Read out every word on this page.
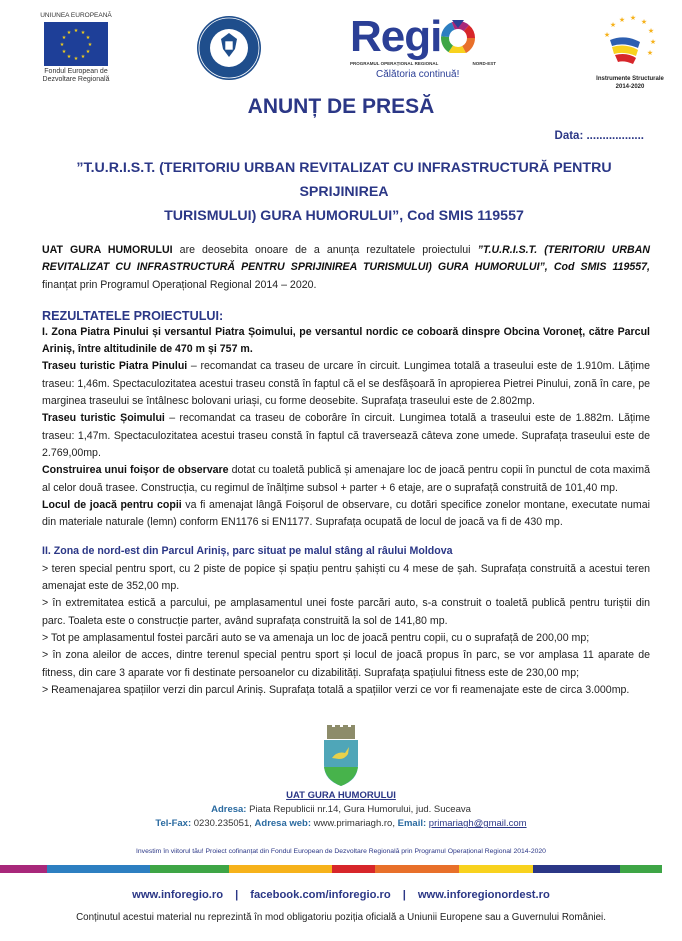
UNIUNEA EUROPEANĂ
★ ★
★
★
★
★
★
★
★
★
★
★
Fondul European de
Dezvoltare Regională
Regi
PROGRAMUL OPERAȚIONAL REGIONAL	NORD-EST
Călătoria continuă!
★ ★
★
★
★
★
★
★
Instrumente Structurale
2014-2020
ANUNȚ DE PRESĂ
Data: ..................
”T.U.R.I.S.T. (TERITORIU URBAN REVITALIZAT CU INFRASTRUCTURĂ PENTRU SPRIJINIREA
TURISMULUI) GURA HUMORULUI”, Cod SMIS 119557

UAT GURA HUMORULUI are deosebita onoare de a anunța rezultatele proiectului ”T.U.R.I.S.T. (TERITORIU URBAN REVITALIZAT CU INFRASTRUCTURĂ PENTRU SPRIJINIREA TURISMULUI) GURA HUMORULUI”, Cod SMIS 119557, finanțat prin Programul Operațional Regional 2014 – 2020.

REZULTATELE PROIECTULUI:

I. Zona Piatra Pinului și versantul Piatra Șoimului, pe versantul nordic ce coboară dinspre Obcina Voroneț, către Parcul Ariniș, între altitudinile de 470 m și 757 m.

Traseu turistic Piatra Pinului – recomandat ca traseu de urcare în circuit. Lungimea totală a traseului este de 1.910m. Lățime traseu: 1,46m. Spectaculozitatea acestui traseu constă în faptul că el se desfășoară în apropierea Pietrei Pinului, zonă în care, pe marginea traseului se întâlnesc bolovani uriași, cu forme deosebite. Suprafața traseului este de 2.802mp.

Traseu turistic Șoimului – recomandat ca traseu de coborâre în circuit. Lungimea totală a traseului este de 1.882m. Lățime traseu: 1,47m. Spectaculozitatea acestui traseu constă în faptul că traversează câteva zone umede. Suprafața traseului este de 2.769,00mp.

Construirea unui foișor de observare dotat cu toaletă publică și amenajare loc de joacă pentru copii în punctul de cota maximă al celor două trasee. Construcția, cu regimul de înălțime subsol + parter + 6 etaje, are o suprafață construită de 101,40 mp.

Locul de joacă pentru copii va fi amenajat lângă Foișorul de observare, cu dotări specifice zonelor montane, executate numai din materiale naturale (lemn) conform EN1176 si EN1177. Suprafața ocupată de locul de joacă va fi de 430 mp.

II. Zona de nord-est din Parcul Ariniș, parc situat pe malul stâng al râului Moldova

> teren special pentru sport, cu 2 piste de popice și spațiu pentru șahiști cu 4 mese de șah. Suprafața construită a acestui teren amenajat este de 352,00 mp.

> în extremitatea estică a parcului, pe amplasamentul unei foste parcări auto, s-a construit o toaletă publică pentru turiștii din parc. Toaleta este o construcție parter, având suprafața construită la sol de 141,80 mp.

> Tot pe amplasamentul fostei parcări auto se va amenaja un loc de joacă pentru copii, cu o suprafață de 200,00 mp;

> în zona aleilor de acces, dintre terenul special pentru sport și locul de joacă propus în parc, se vor amplasa 11 aparate de fitness, din care 3 aparate vor fi destinate persoanelor cu dizabilități. Suprafața spațiului fitness este de 230,00 mp;

> Reamenajarea spațiilor verzi din parcul Ariniș. Suprafața totală a spațiilor verzi ce vor fi reamenajate este de circa 3.000mp.

UAT GURA HUMORULUI
Adresa: Piata Republicii nr.14, Gura Humorului, jud. Suceava
Tel-Fax: 0230.235051, Adresa web: www.primariagh.ro, Email: primariagh@gmail.com
Investim în viitorul tău! Proiect cofinanțat din Fondul European de Dezvoltare Regională prin Programul Operațional Regional 2014-2020
www.inforegio.ro | facebook.com/inforegio.ro | www.inforegionordest.ro
Conținutul acestui material nu reprezintă în mod obligatoriu poziția oficială a Uniunii Europene sau a Guvernului României.
